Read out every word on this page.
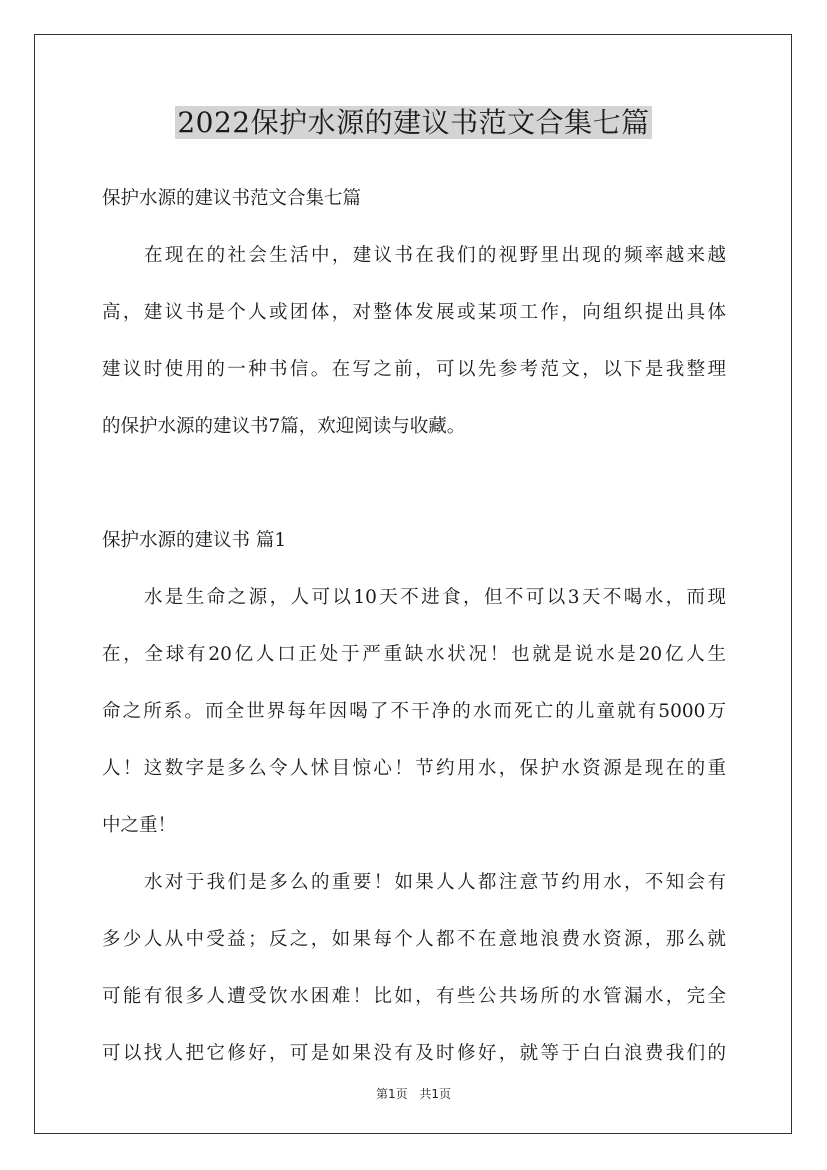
2022保护水源的建议书范文合集七篇
保护水源的建议书范文合集七篇
在现在的社会生活中，建议书在我们的视野里出现的频率越来越
高，建议书是个人或团体，对整体发展或某项工作，向组织提出具体
建议时使用的一种书信。在写之前，可以先参考范文，以下是我整理
的保护水源的建议书7篇，欢迎阅读与收藏。
保护水源的建议书 篇1
水是生命之源，人可以10天不进食，但不可以3天不喝水，而现
在，全球有20亿人口正处于严重缺水状况！也就是说水是20亿人生
命之所系。而全世界每年因喝了不干净的水而死亡的儿童就有5000万
人！这数字是多么令人怵目惊心！节约用水，保护水资源是现在的重
中之重！
水对于我们是多么的重要！如果人人都注意节约用水，不知会有
多少人从中受益；反之，如果每个人都不在意地浪费水资源，那么就
可能有很多人遭受饮水困难！比如，有些公共场所的水管漏水，完全
可以找人把它修好，可是如果没有及时修好，就等于白白浪费我们的
第1页 共1页
